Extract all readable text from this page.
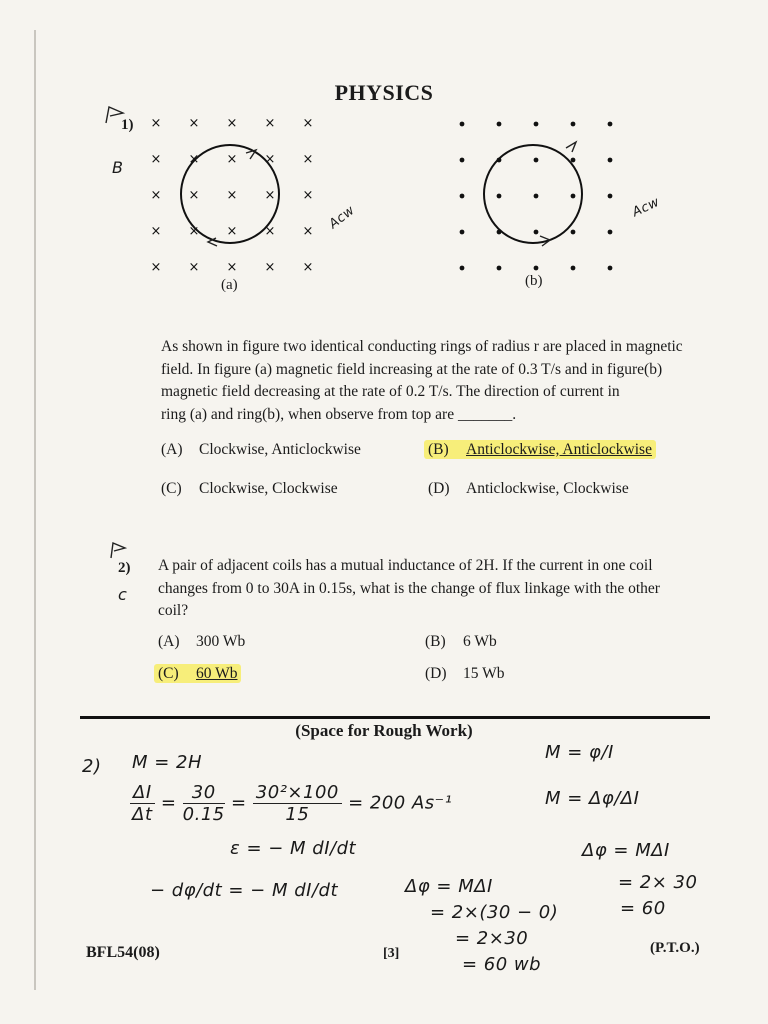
PHYSICS
1)
B
× × × × ×
× × × × ×
× × × × ×
× × × × ×
× × × × ×
Acw
(a)
Acw
(b)
As shown in figure two identical conducting rings of radius r are placed in magnetic
field. In figure (a) magnetic field increasing at the rate of 0.3 T/s and in figure(b)
magnetic field decreasing at the rate of 0.2 T/s. The direction of current in
ring (a) and ring(b), when observe from top are _______.
(A) Clockwise, Anticlockwise	(B) Anticlockwise, Anticlockwise
(C) Clockwise, Clockwise	(D) Anticlockwise, Clockwise
2)
c
A pair of adjacent coils has a mutual inductance of 2H. If the current in one coil
changes from 0 to 30A in 0.15s, what is the change of flux linkage with the other
coil?
(A) 300 Wb	(B) 6 Wb
(C) 60 Wb	(D) 15 Wb
(Space for Rough Work)
2) M = 2H
$\frac{\Delta I}{\Delta t} = \frac{30}{0.15} = \frac{\text{30²×100}}{15} = 200$ As⁻¹
ε = − M dI/dt
− dφ/dt = − M dI/dt	Δφ = MΔI
= 2×(30 − 0)
= 2×30
= 60 wb
M = φ/I
M = Δφ/ΔI
Δφ = MΔI
= 2× 30
= 60
BFL54(08)	[3]	(P.T.O.)
